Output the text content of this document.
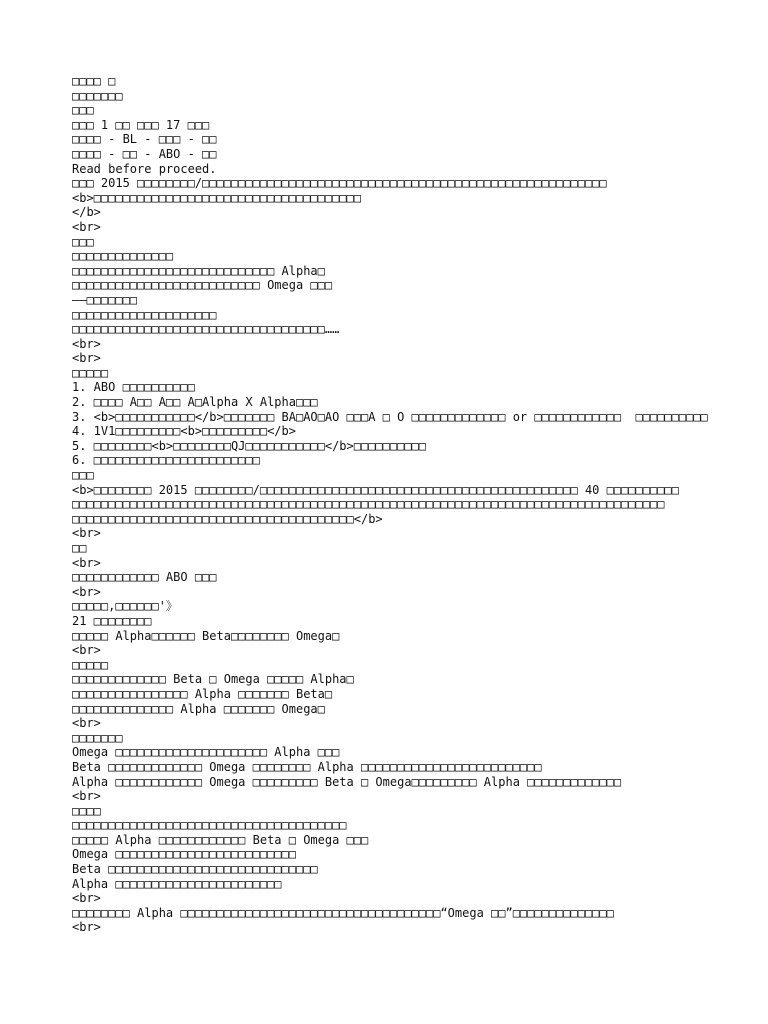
□□□□ □
□□□□□□□
□□□
□□□ 1 □□ □□□ 17 □□□
□□□□ - BL - □□□ - □□
□□□□ - □□ - ABO - □□
Read before proceed.
□□□ 2015 □□□□□□□□/□□□□□□□□□□□□□□□□□□□□□□□□□□□□□□□□□□□□□□□□□□□□□□□□□□□□□□□□
<b>□□□□□□□□□□□□□□□□□□□□□□□□□□□□□□□□□□□□□
</b>
<br>
□□□
□□□□□□□□□□□□□□
□□□□□□□□□□□□□□□□□□□□□□□□□□□□ Alpha□
□□□□□□□□□□□□□□□□□□□□□□□□□□ Omega □□□
——□□□□□□□
□□□□□□□□□□□□□□□□□□□□
□□□□□□□□□□□□□□□□□□□□□□□□□□□□□□□□□□□……
<br>
<br>
□□□□□
1. ABO □□□□□□□□□□
2. □□□□ A□□ A□□ A□Alpha X Alpha□□□
3. <b>□□□□□□□□□□□</b>□□□□□□□ BA□AO□AO □□□A □ O □□□□□□□□□□□□□ or □□□□□□□□□□□□  □□□□□□□□□□
4. 1V1□□□□□□□□□<b>□□□□□□□□□</b>
5. □□□□□□□□<b>□□□□□□□□QJ□□□□□□□□□□□</b>□□□□□□□□□□
6. □□□□□□□□□□□□□□□□□□□□□□□
□□□
<b>□□□□□□□□ 2015 □□□□□□□□/□□□□□□□□□□□□□□□□□□□□□□□□□□□□□□□□□□□□□□□□□□□□ 40 □□□□□□□□□□
□□□□□□□□□□□□□□□□□□□□□□□□□□□□□□□□□□□□□□□□□□□□□□□□□□□□□□□□□□□□□□□□□□□□□□□□□□□□□□□□□□
□□□□□□□□□□□□□□□□□□□□□□□□□□□□□□□□□□□□□□□</b>
<br>
□□
<br>
□□□□□□□□□□□□ ABO □□□
<br>
□□□□□,□□□□□□'》
21 □□□□□□□□
□□□□□ Alpha□□□□□□ Beta□□□□□□□□ Omega□
<br>
□□□□□
□□□□□□□□□□□□□ Beta □ Omega □□□□□ Alpha□
□□□□□□□□□□□□□□□□ Alpha □□□□□□□ Beta□
□□□□□□□□□□□□□□ Alpha □□□□□□□ Omega□
<br>
□□□□□□□
Omega □□□□□□□□□□□□□□□□□□□□□ Alpha □□□
Beta □□□□□□□□□□□□□ Omega □□□□□□□□ Alpha □□□□□□□□□□□□□□□□□□□□□□□□□
Alpha □□□□□□□□□□□□ Omega □□□□□□□□□ Beta □ Omega□□□□□□□□□ Alpha □□□□□□□□□□□□□
<br>
□□□□
□□□□□□□□□□□□□□□□□□□□□□□□□□□□□□□□□□□□□□
□□□□□ Alpha □□□□□□□□□□□□ Beta □ Omega □□□
Omega □□□□□□□□□□□□□□□□□□□□□□□□□
Beta □□□□□□□□□□□□□□□□□□□□□□□□□□□□□
Alpha □□□□□□□□□□□□□□□□□□□□□□□
<br>
□□□□□□□□ Alpha □□□□□□□□□□□□□□□□□□□□□□□□□□□□□□□□□□□□“Omega □□”□□□□□□□□□□□□□□
<br>
